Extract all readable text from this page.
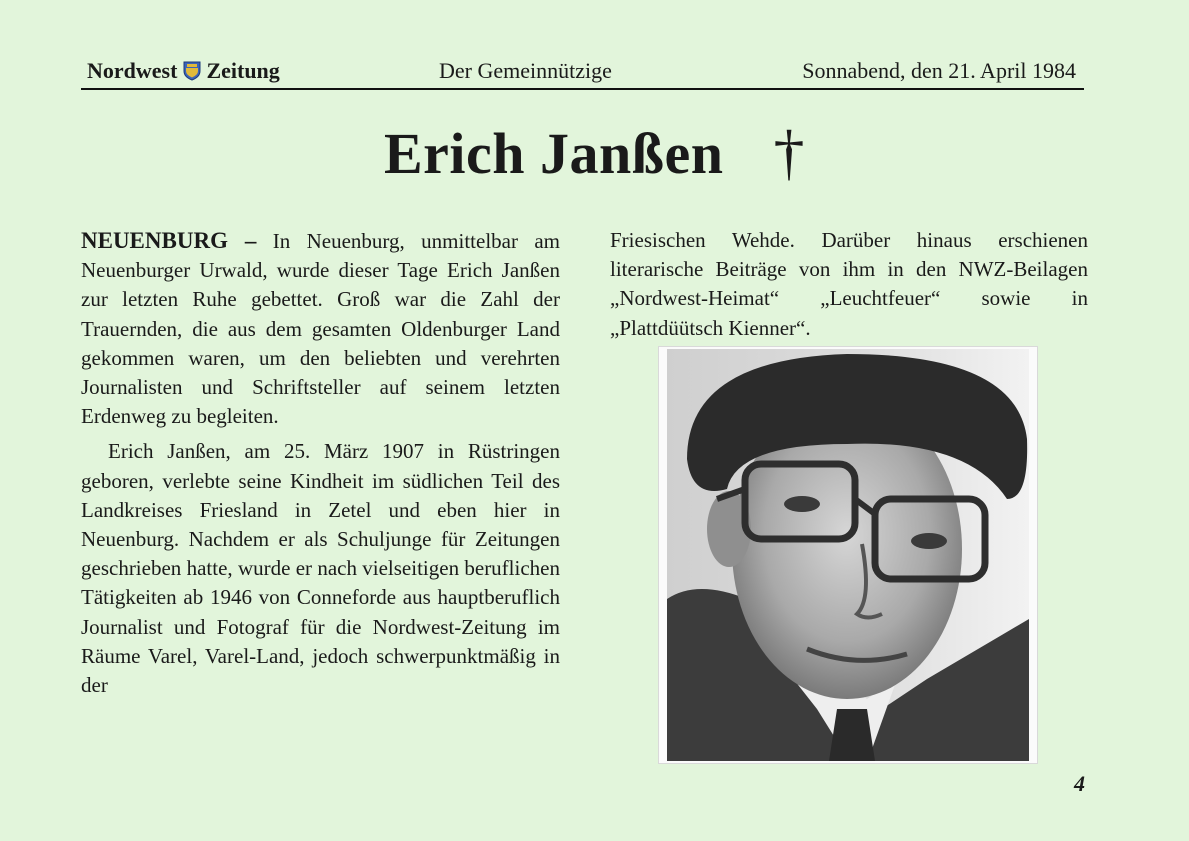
Nordwest Zeitung	Der Gemeinnützige	Sonnabend, den 21. April 1984
Erich Janßen †

NEUENBURG – In Neuenburg, unmittelbar am Neuenburger Urwald, wurde dieser Tage Erich Janßen zur letzten Ruhe gebettet. Groß war die Zahl der Trauernden, die aus dem gesamten Oldenburger Land gekommen waren, um den beliebten und verehrten Journalisten und Schriftsteller auf seinem letzten Erdenweg zu begleiten.

Erich Janßen, am 25. März 1907 in Rüstringen geboren, verlebte seine Kindheit im südlichen Teil des Landkreises Friesland in Zetel und eben hier in Neuenburg. Nachdem er als Schuljunge für Zeitungen geschrieben hatte, wurde er nach vielseitigen beruflichen Tätigkeiten ab 1946 von Conneforde aus hauptberuflich Journalist und Fotograf für die Nordwest-Zeitung im Räume Varel, Varel-Land, jedoch schwerpunktmäßig in der

Friesischen Wehde. Darüber hinaus erschienen literarische Beiträge von ihm in den NWZ-Beilagen „Nordwest-Heimat“ „Leuchtfeuer“ sowie in „Plattdüütsch Kienner“.

4
